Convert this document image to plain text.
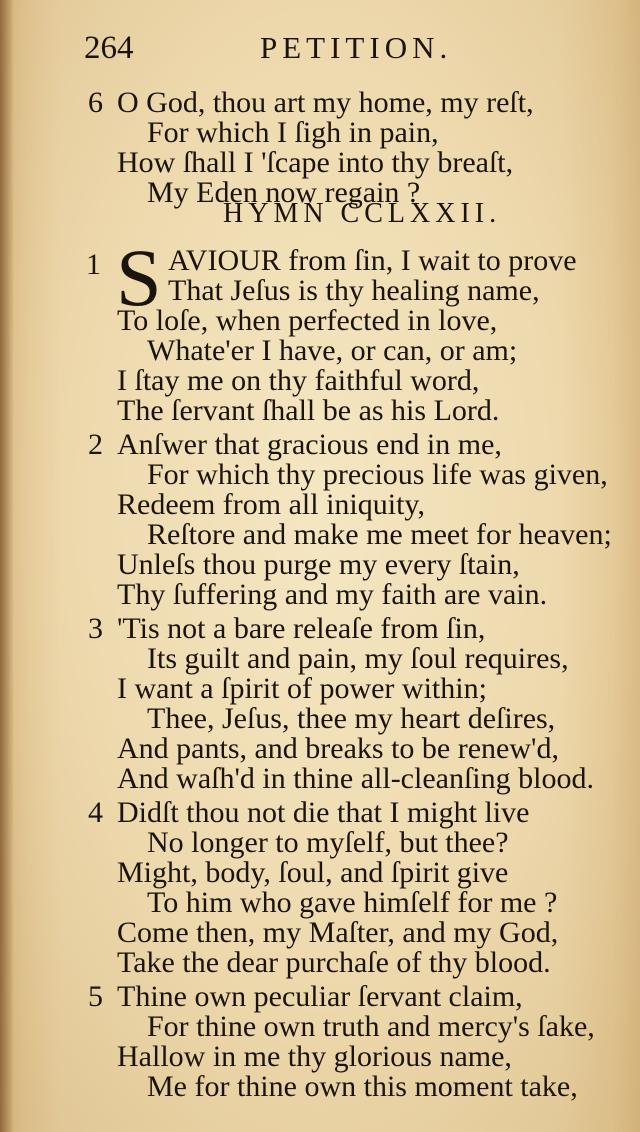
264	PETITION.
6 O God, thou art my home, my reſt,
For which I ſigh in pain,
How ſhall I 'ſcape into thy breaſt,
My Eden now regain ?
HYMN CCLXXII.
1 S AVIOUR from ſin, I wait to prove
That Jeſus is thy healing name,
To loſe, when perfected in love,
Whate'er I have, or can, or am;
I ſtay me on thy faithful word,
The ſervant ſhall be as his Lord.
2 Anſwer that gracious end in me,
For which thy precious life was given,
Redeem from all iniquity,
Reſtore and make me meet for heaven;
Unleſs thou purge my every ſtain,
Thy ſuffering and my faith are vain.
3 'Tis not a bare releaſe from ſin,
Its guilt and pain, my ſoul requires,
I want a ſpirit of power within;
Thee, Jeſus, thee my heart deſires,
And pants, and breaks to be renew'd,
And waſh'd in thine all-cleanſing blood.
4 Didſt thou not die that I might live
No longer to myſelf, but thee?
Might, body, ſoul, and ſpirit give
To him who gave himſelf for me ?
Come then, my Maſter, and my God,
Take the dear purchaſe of thy blood.
5 Thine own peculiar ſervant claim,
For thine own truth and mercy's ſake,
Hallow in me thy glorious name,
Me for thine own this moment take,
